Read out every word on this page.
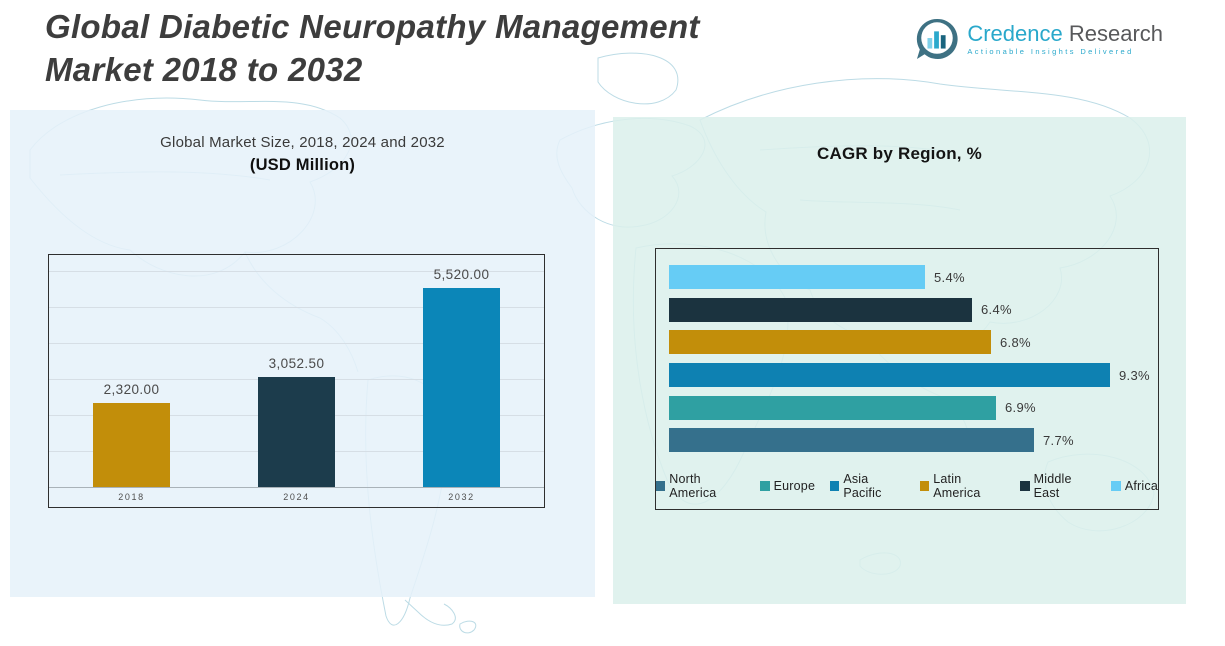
Global Diabetic Neuropathy Management
Market 2018 to 2032
Credence Research
Actionable Insights Delivered
Global Market Size, 2018, 2024 and 2032
(USD Million)
2,320.00
3,052.50
5,520.00
2018	2024	2032
CAGR by Region, %
5.4%
6.4%
6.8%
9.3%
6.9%
7.7%
North America	Europe Asia Pacific
Latin America
Middle East	Africa
